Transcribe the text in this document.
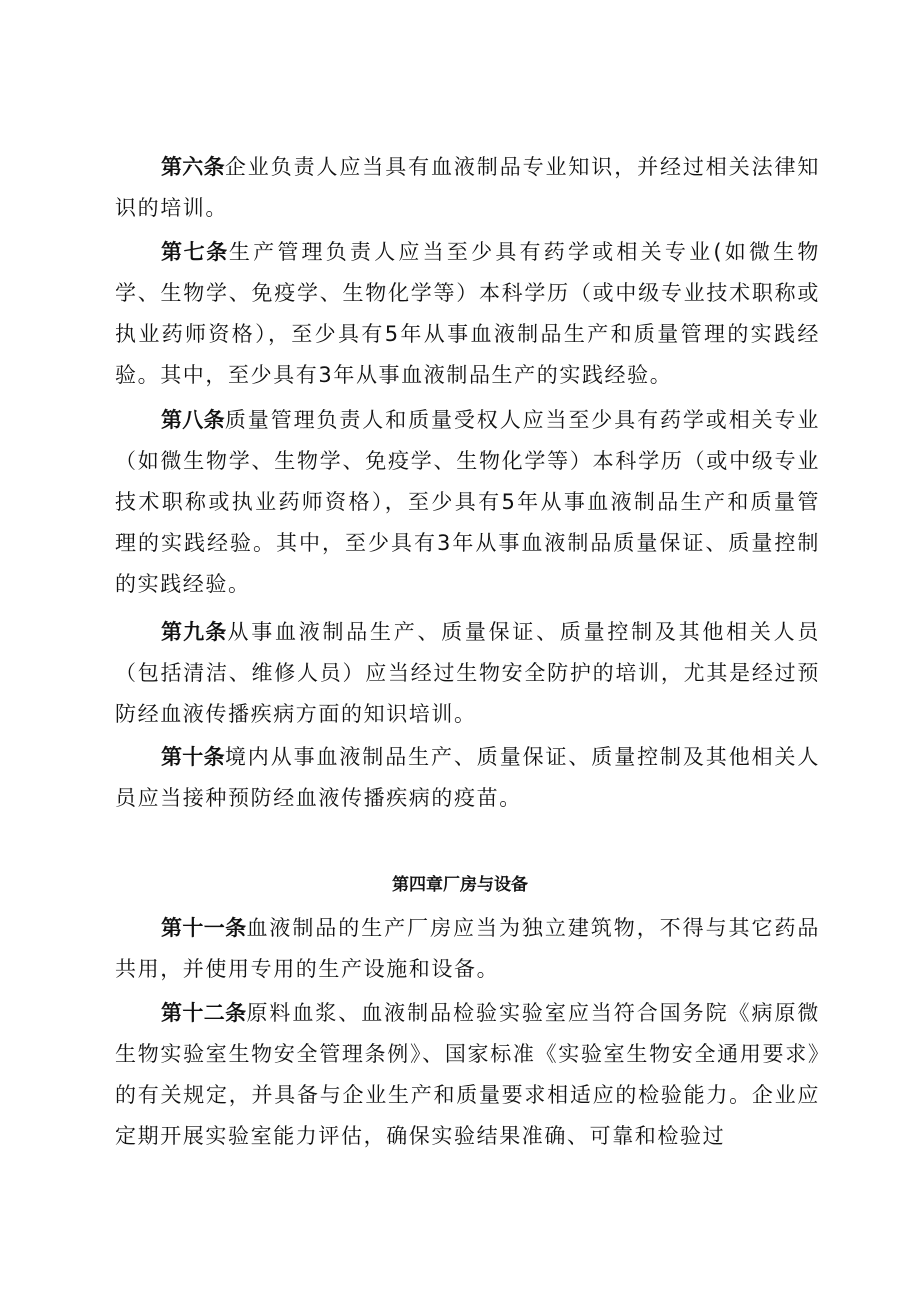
第六条企业负责人应当具有血液制品专业知识，并经过相关法律知识的培训。

第七条生产管理负责人应当至少具有药学或相关专业(如微生物学、生物学、免疫学、生物化学等）本科学历（或中级专业技术职称或执业药师资格），至少具有5年从事血液制品生产和质量管理的实践经验。其中，至少具有3年从事血液制品生产的实践经验。

第八条质量管理负责人和质量受权人应当至少具有药学或相关专业（如微生物学、生物学、免疫学、生物化学等）本科学历（或中级专业技术职称或执业药师资格），至少具有5年从事血液制品生产和质量管理的实践经验。其中，至少具有3年从事血液制品质量保证、质量控制的实践经验。

第九条从事血液制品生产、质量保证、质量控制及其他相关人员（包括清洁、维修人员）应当经过生物安全防护的培训，尤其是经过预防经血液传播疾病方面的知识培训。

第十条境内从事血液制品生产、质量保证、质量控制及其他相关人员应当接种预防经血液传播疾病的疫苗。

第四章厂房与设备

第十一条血液制品的生产厂房应当为独立建筑物，不得与其它药品共用，并使用专用的生产设施和设备。

第十二条原料血浆、血液制品检验实验室应当符合国务院《病原微生物实验室生物安全管理条例》、国家标准《实验室生物安全通用要求》的有关规定，并具备与企业生产和质量要求相适应的检验能力。企业应定期开展实验室能力评估，确保实验结果准确、可靠和检验过
